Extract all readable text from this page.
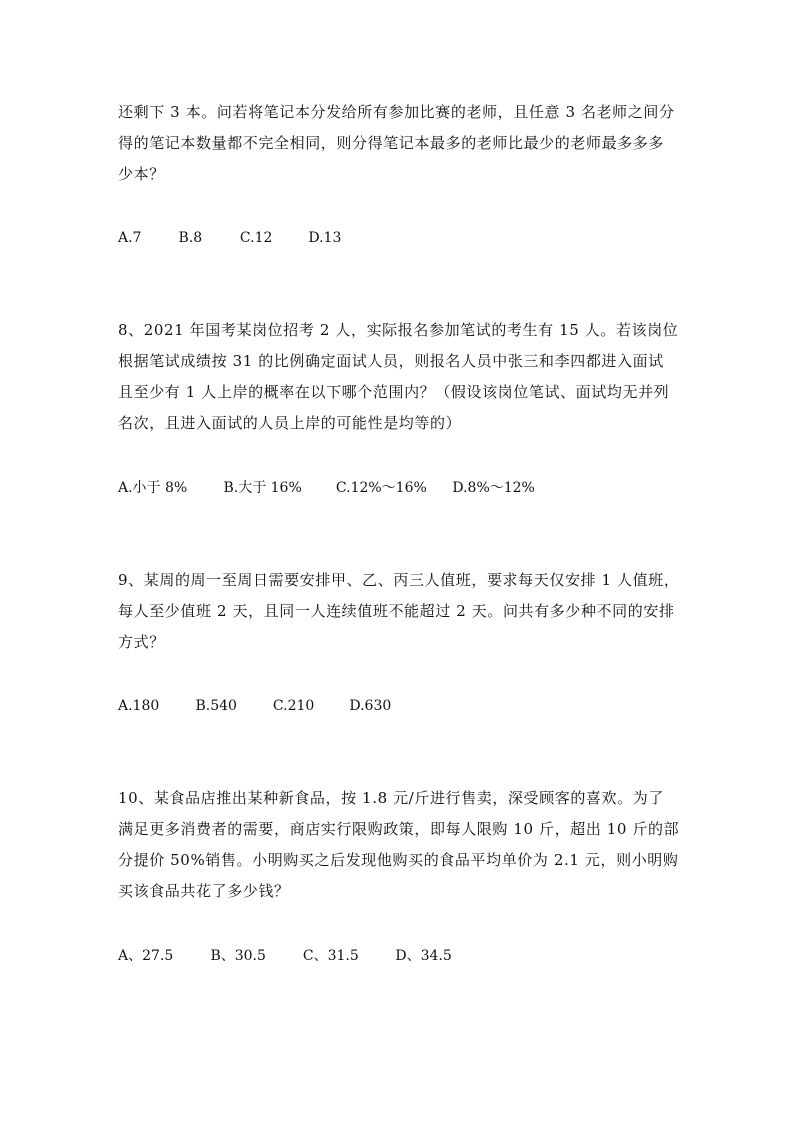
还剩下 3 本。问若将笔记本分发给所有参加比赛的老师，且任意 3 名老师之间分
得的笔记本数量都不完全相同，则分得笔记本最多的老师比最少的老师最多多多
少本？
A.7	B.8	C.12	D.13
8、2021 年国考某岗位招考 2 人，实际报名参加笔试的考生有 15 人。若该岗位
根据笔试成绩按 31 的比例确定面试人员，则报名人员中张三和李四都进入面试
且至少有 1 人上岸的概率在以下哪个范围内？（假设该岗位笔试、面试均无并列
名次，且进入面试的人员上岸的可能性是均等的）
A.小于 8%	B.大于 16% C.12%～16% D.8%～12%
9、某周的周一至周日需要安排甲、乙、丙三人值班，要求每天仅安排 1 人值班，
每人至少值班 2 天，且同一人连续值班不能超过 2 天。问共有多少种不同的安排
方式？
A.180	B.540	C.210	D.630
10、某食品店推出某种新食品，按 1.8 元/斤进行售卖，深受顾客的喜欢。为了
满足更多消费者的需要，商店实行限购政策，即每人限购 10 斤，超出 10 斤的部
分提价 50%销售。小明购买之后发现他购买的食品平均单价为 2.1 元，则小明购
买该食品共花了多少钱？
A、27.5	B、30.5	C、31.5	D、34.5
